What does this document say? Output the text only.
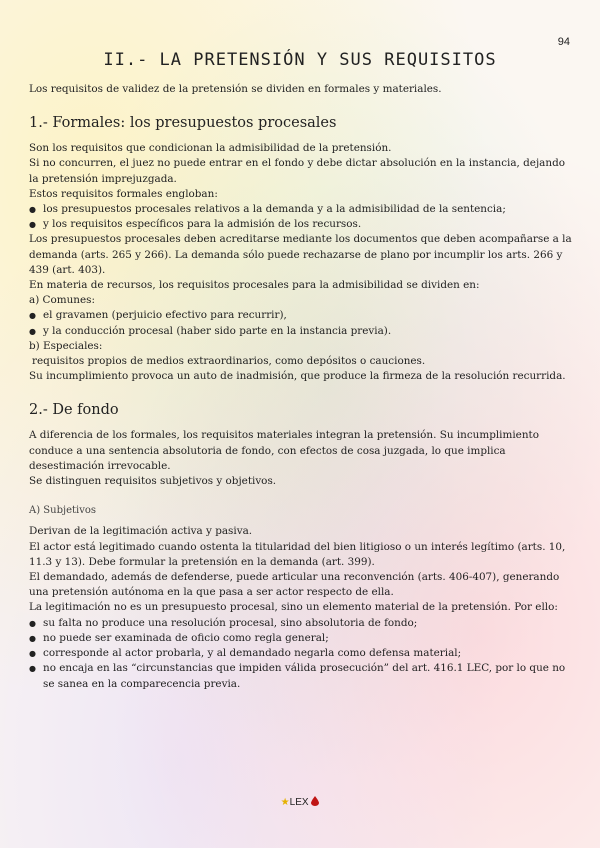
94
II.- LA PRETENSIÓN Y SUS REQUISITOS

Los requisitos de validez de la pretensión se dividen en formales y materiales.

1.- Formales: los presupuestos procesales

Son los requisitos que condicionan la admisibilidad de la pretensión.

Si no concurren, el juez no puede entrar en el fondo y debe dictar absolución en la instancia, dejando la pretensión imprejuzgada.

Estos requisitos formales engloban:

● los presupuestos procesales relativos a la demanda y a la admisibilidad de la sentencia;
● y los requisitos específicos para la admisión de los recursos.

Los presupuestos procesales deben acreditarse mediante los documentos que deben acompañarse a la demanda (arts. 265 y 266). La demanda sólo puede rechazarse de plano por incumplir los arts. 266 y 439 (art. 403).

En materia de recursos, los requisitos procesales para la admisibilidad se dividen en:

a) Comunes:

● el gravamen (perjuicio efectivo para recurrir),
● y la conducción procesal (haber sido parte en la instancia previa).

b) Especiales:

requisitos propios de medios extraordinarios, como depósitos o cauciones.

Su incumplimiento provoca un auto de inadmisión, que produce la firmeza de la resolución recurrida.

2.- De fondo

A diferencia de los formales, los requisitos materiales integran la pretensión. Su incumplimiento conduce a una sentencia absolutoria de fondo, con efectos de cosa juzgada, lo que implica desestimación irrevocable.

Se distinguen requisitos subjetivos y objetivos.

A) Subjetivos

Derivan de la legitimación activa y pasiva.

El actor está legitimado cuando ostenta la titularidad del bien litigioso o un interés legítimo (arts. 10, 11.3 y 13). Debe formular la pretensión en la demanda (art. 399).

El demandado, además de defenderse, puede articular una reconvención (arts. 406-407), generando una pretensión autónoma en la que pasa a ser actor respecto de ella.

La legitimación no es un presupuesto procesal, sino un elemento material de la pretensión. Por ello:

● su falta no produce una resolución procesal, sino absolutoria de fondo;
● no puede ser examinada de oficio como regla general;
● corresponde al actor probarla, y al demandado negarla como defensa material;
● no encaja en las “circunstancias que impiden válida prosecución” del art. 416.1 LEC, por lo que no se sanea en la comparecencia previa.
★LEX
